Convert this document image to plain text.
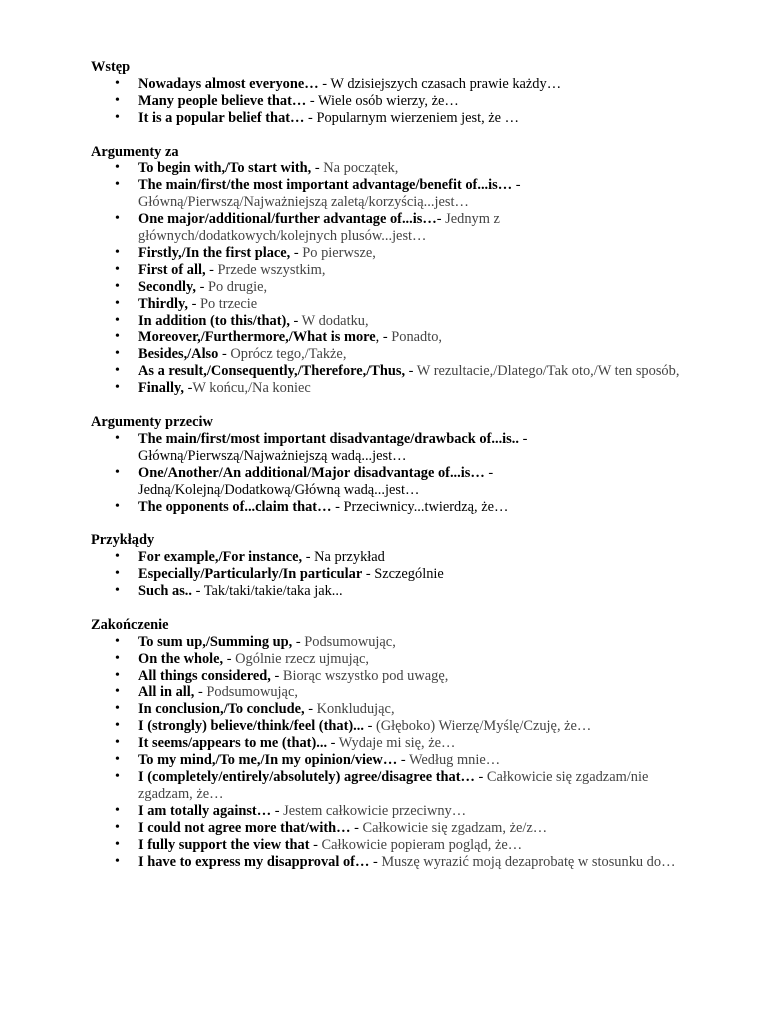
Wstęp
• Nowadays almost everyone… - W dzisiejszych czasach prawie każdy…
• Many people believe that… - Wiele osób wierzy, że…
• It is a popular belief that… - Popularnym wierzeniem jest, że …
Argumenty za
• To begin with,/To start with, - Na początek,
• The main/first/the most important advantage/benefit of...is… - Główną/Pierwszą/Najważniejszą zaletą/korzyścią...jest…
• One major/additional/further advantage of...is…- Jednym z głównych/dodatkowych/kolejnych plusów...jest…
• Firstly,/In the first place, - Po pierwsze,
• First of all, - Przede wszystkim,
• Secondly, - Po drugie,
• Thirdly, - Po trzecie
• In addition (to this/that), - W dodatku,
• Moreover,/Furthermore,/What is more, - Ponadto,
• Besides,/Also - Oprócz tego,/Także,
• As a result,/Consequently,/Therefore,/Thus, - W rezultacie,/Dlatego/Tak oto,/W ten sposób,
• Finally, -W końcu,/Na koniec
Argumenty przeciw
• The main/first/most important disadvantage/drawback of...is.. - Główną/Pierwszą/Najważniejszą wadą...jest…
• One/Another/An additional/Major disadvantage of...is… - Jedną/Kolejną/Dodatkową/Główną wadą...jest…
• The opponents of...claim that… - Przeciwnicy...twierdzą, że…
Przykłądy
• For example,/For instance, - Na przykład
• Especially/Particularly/In particular - Szczególnie
• Such as.. - Tak/taki/takie/taka jak...
Zakończenie
• To sum up,/Summing up, - Podsumowując,
• On the whole, - Ogólnie rzecz ujmując,
• All things considered, - Biorąc wszystko pod uwagę,
• All in all, - Podsumowując,
• In conclusion,/To conclude, - Konkludując,
• I (strongly) believe/think/feel (that)... - (Głęboko) Wierzę/Myślę/Czuję, że…
• It seems/appears to me (that)... - Wydaje mi się, że…
• To my mind,/To me,/In my opinion/view… - Według mnie…
• I (completely/entirely/absolutely) agree/disagree that… - Całkowicie się zgadzam/nie zgadzam, że…
• I am totally against… - Jestem całkowicie przeciwny…
• I could not agree more that/with… - Całkowicie się zgadzam, że/z…
• I fully support the view that - Całkowicie popieram pogląd, że…
• I have to express my disapproval of… - Muszę wyrazić moją dezaprobatę w stosunku do…
